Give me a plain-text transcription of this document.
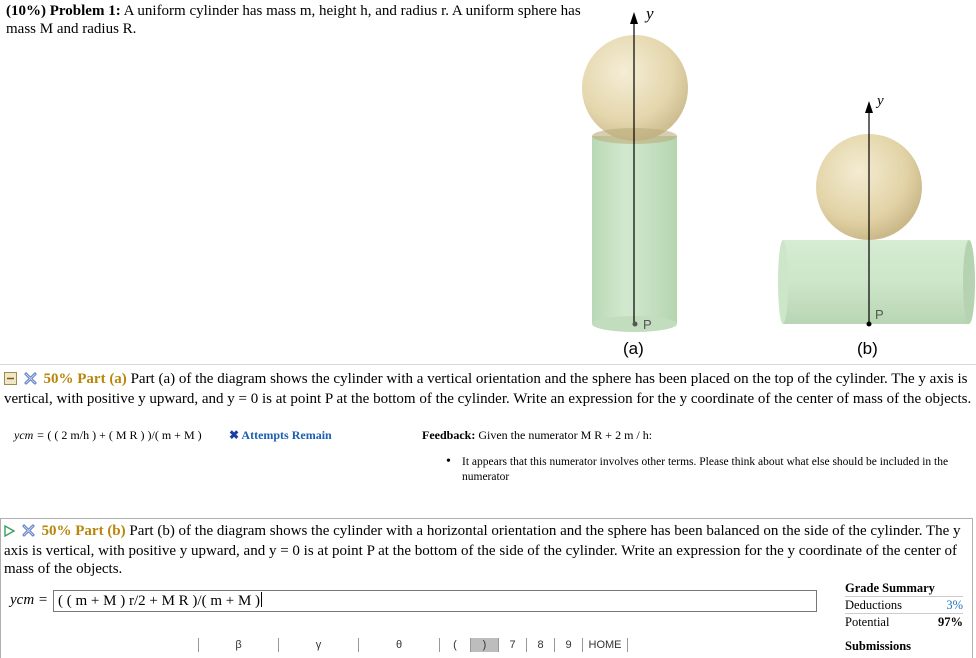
(10%) Problem 1: A uniform cylinder has mass m, height h, and radius r. A uniform sphere has mass M and radius R.
y
P
(a)
y
P
(b)
50% Part (a) Part (a) of the diagram shows the cylinder with a vertical orientation and the sphere has been placed on the top of the cylinder. The y axis is vertical, with positive y upward, and y = 0 is at point P at the bottom of the cylinder. Write an expression for the y coordinate of the center of mass of the objects.
ycm = ( ( 2 m/h ) + ( M R ) )/( m + M ) ✖ Attempts Remain	Feedback: Given the numerator M R + 2 m / h:
• It appears that this numerator involves other terms. Please think about what else should be included in the numerator
50% Part (b) Part (b) of the diagram shows the cylinder with a horizontal orientation and the sphere has been balanced on the side of the cylinder. The y axis is vertical, with positive y upward, and y = 0 is at point P at the bottom of the side of the cylinder. Write an expression for the y coordinate of the center of mass of the objects.
ycm = ( ( m + M ) r/2 + M R )/( m + M )
Grade Summary
Deductions	3%
Potential	97%
Submissions
β	γ	θ	(	)	7	8	9	HOME
